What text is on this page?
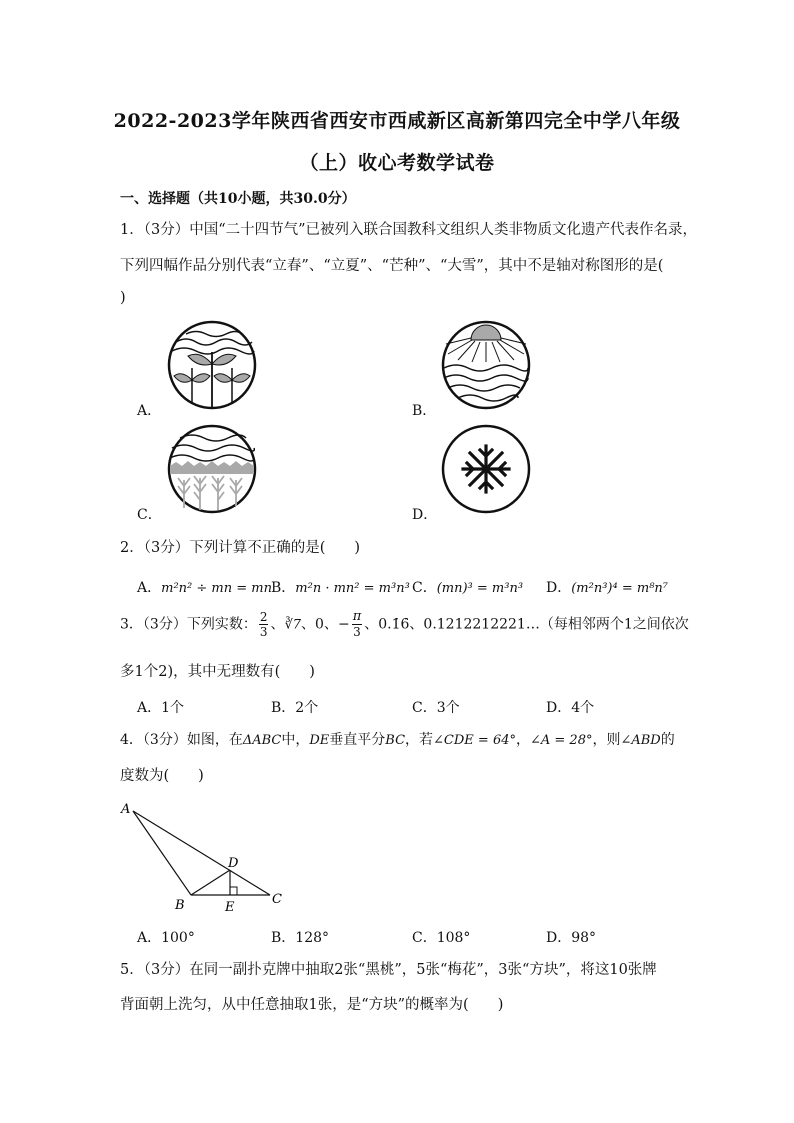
2022-2023学年陕西省西安市西咸新区高新第四完全中学八年级
（上）收心考数学试卷
一、选择题（共10小题，共30.0分）
1．（3分）中国“二十四节气”已被列入联合国教科文组织人类非物质文化遗产代表作名录，
下列四幅作品分别代表“立春”、“立夏”、“芒种”、“大雪”，其中不是轴对称图形的是(
)
A．	B．
C．	D．
2．（3分）下列计算不正确的是(　　)
A．m²n² ÷ mn = mn B．m²n · mn² = m³n³ C．(mn)³ = m³n³ D．(m²n³)⁴ = m⁸n⁷
3．（3分）下列实数： $\frac{2}{3}$ 、∛7、0、− $\frac{\pi}{3}$ 、0.1̇6̇、0.1212212221…（每相邻两个1之间依次
多1个2)，其中无理数有(　　)
A．1个	B．2个	C．3个	D．4个
4．（3分）如图，在ΔABC中，DE垂直平分BC，若∠CDE = 64°，∠A = 28°，则∠ABD的
度数为(　　)
A
B	C
D
E
A．100°	B．128°	C．108°	D．98°
5．（3分）在同一副扑克牌中抽取2张“黑桃”，5张“梅花”，3张“方块”，将这10张牌
背面朝上洗匀，从中任意抽取1张，是“方块”的概率为(　　)
